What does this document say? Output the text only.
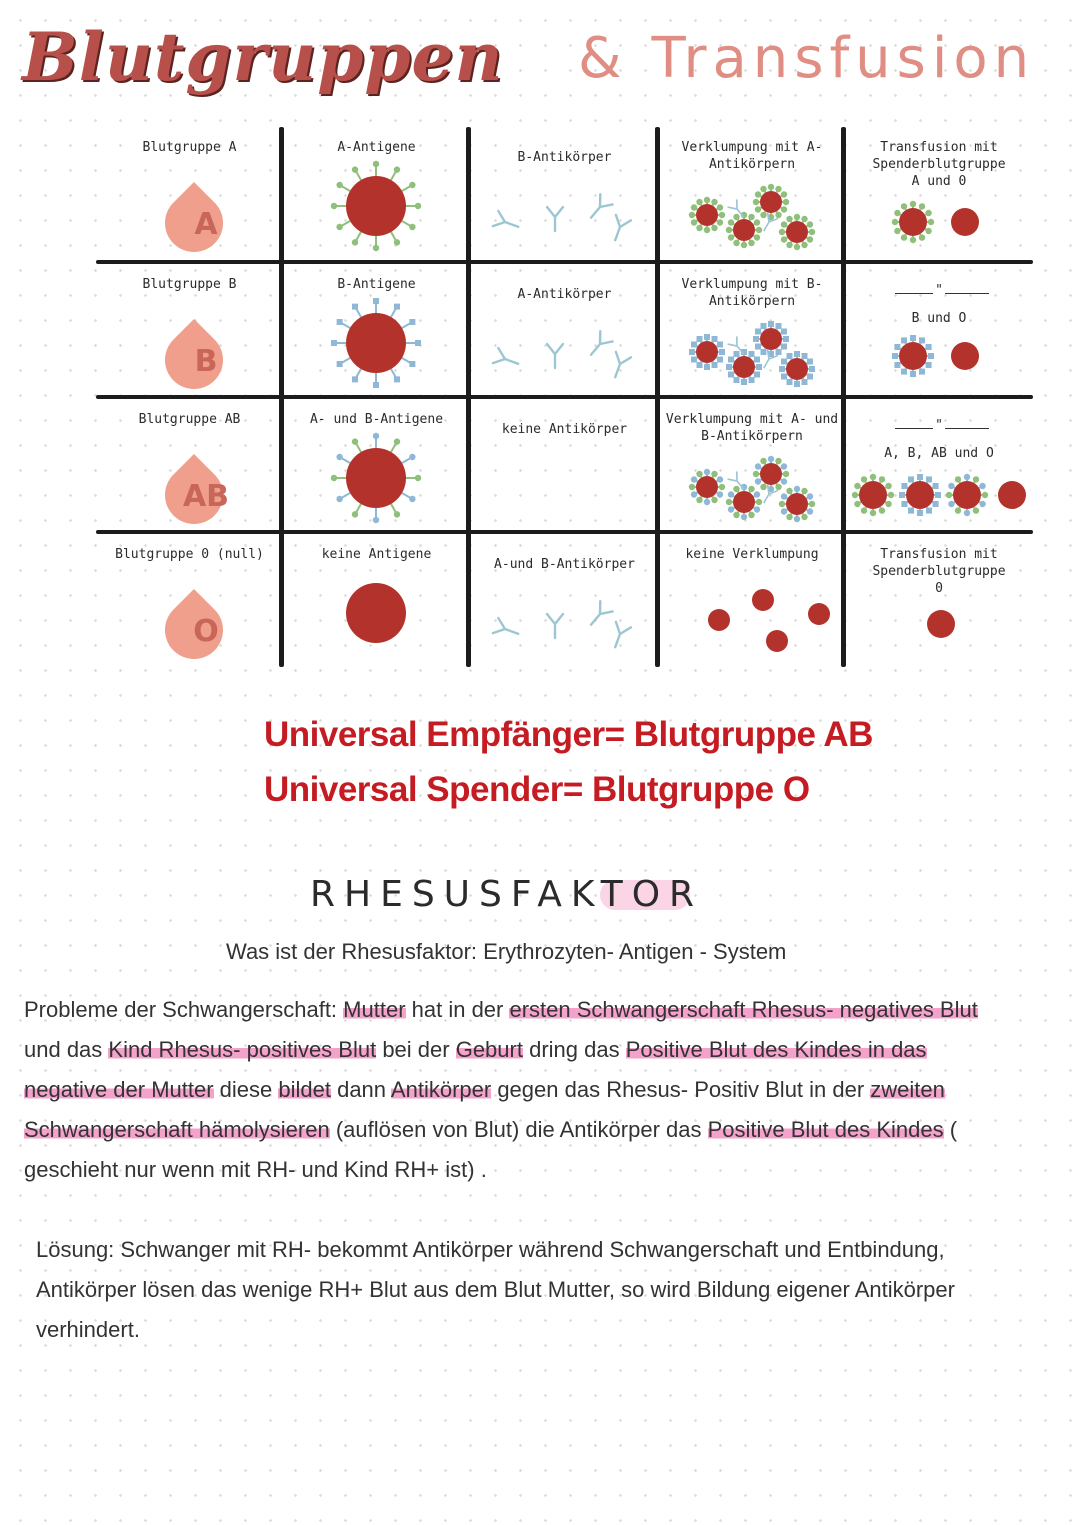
Blutgruppen & Transfusion
Blutgruppe A
A
A-Antigene
B-Antikörper
Verklumpung mit A-Antikörpern
Transfusion mit Spenderblutgruppe A und 0
Blutgruppe B
B
B-Antigene
A-Antikörper
Verklumpung mit B-Antikörpern
"
B und O
Blutgruppe AB
AB
A- und B-Antigene
keine Antikörper
Verklumpung mit A- und B-Antikörpern
"
A, B, AB und O
Blutgruppe 0 (null)
O
keine Antigene
A-und B-Antikörper
keine Verklumpung	Transfusion mit Spenderblutgruppe 0
Universal Empfänger= Blutgruppe AB
Universal Spender= Blutgruppe O
RHESUSFAKTOR
Was ist der Rhesusfaktor: Erythrozyten- Antigen - System
Probleme der Schwangerschaft: Mutter hat in der ersten Schwangerschaft Rhesus- negatives Blut und das Kind Rhesus- positives Blut bei der Geburt dring das Positive Blut des Kindes in das negative der Mutter diese bildet dann Antikörper gegen das Rhesus- Positiv Blut in der zweiten Schwangerschaft hämolysieren (auflösen von Blut) die Antikörper das Positive Blut des Kindes ( geschieht nur wenn mit RH- und Kind RH+ ist) .
Lösung: Schwanger mit RH- bekommt Antikörper während Schwangerschaft und Entbindung, Antikörper lösen das wenige RH+ Blut aus dem Blut Mutter, so wird Bildung eigener Antikörper verhindert.
